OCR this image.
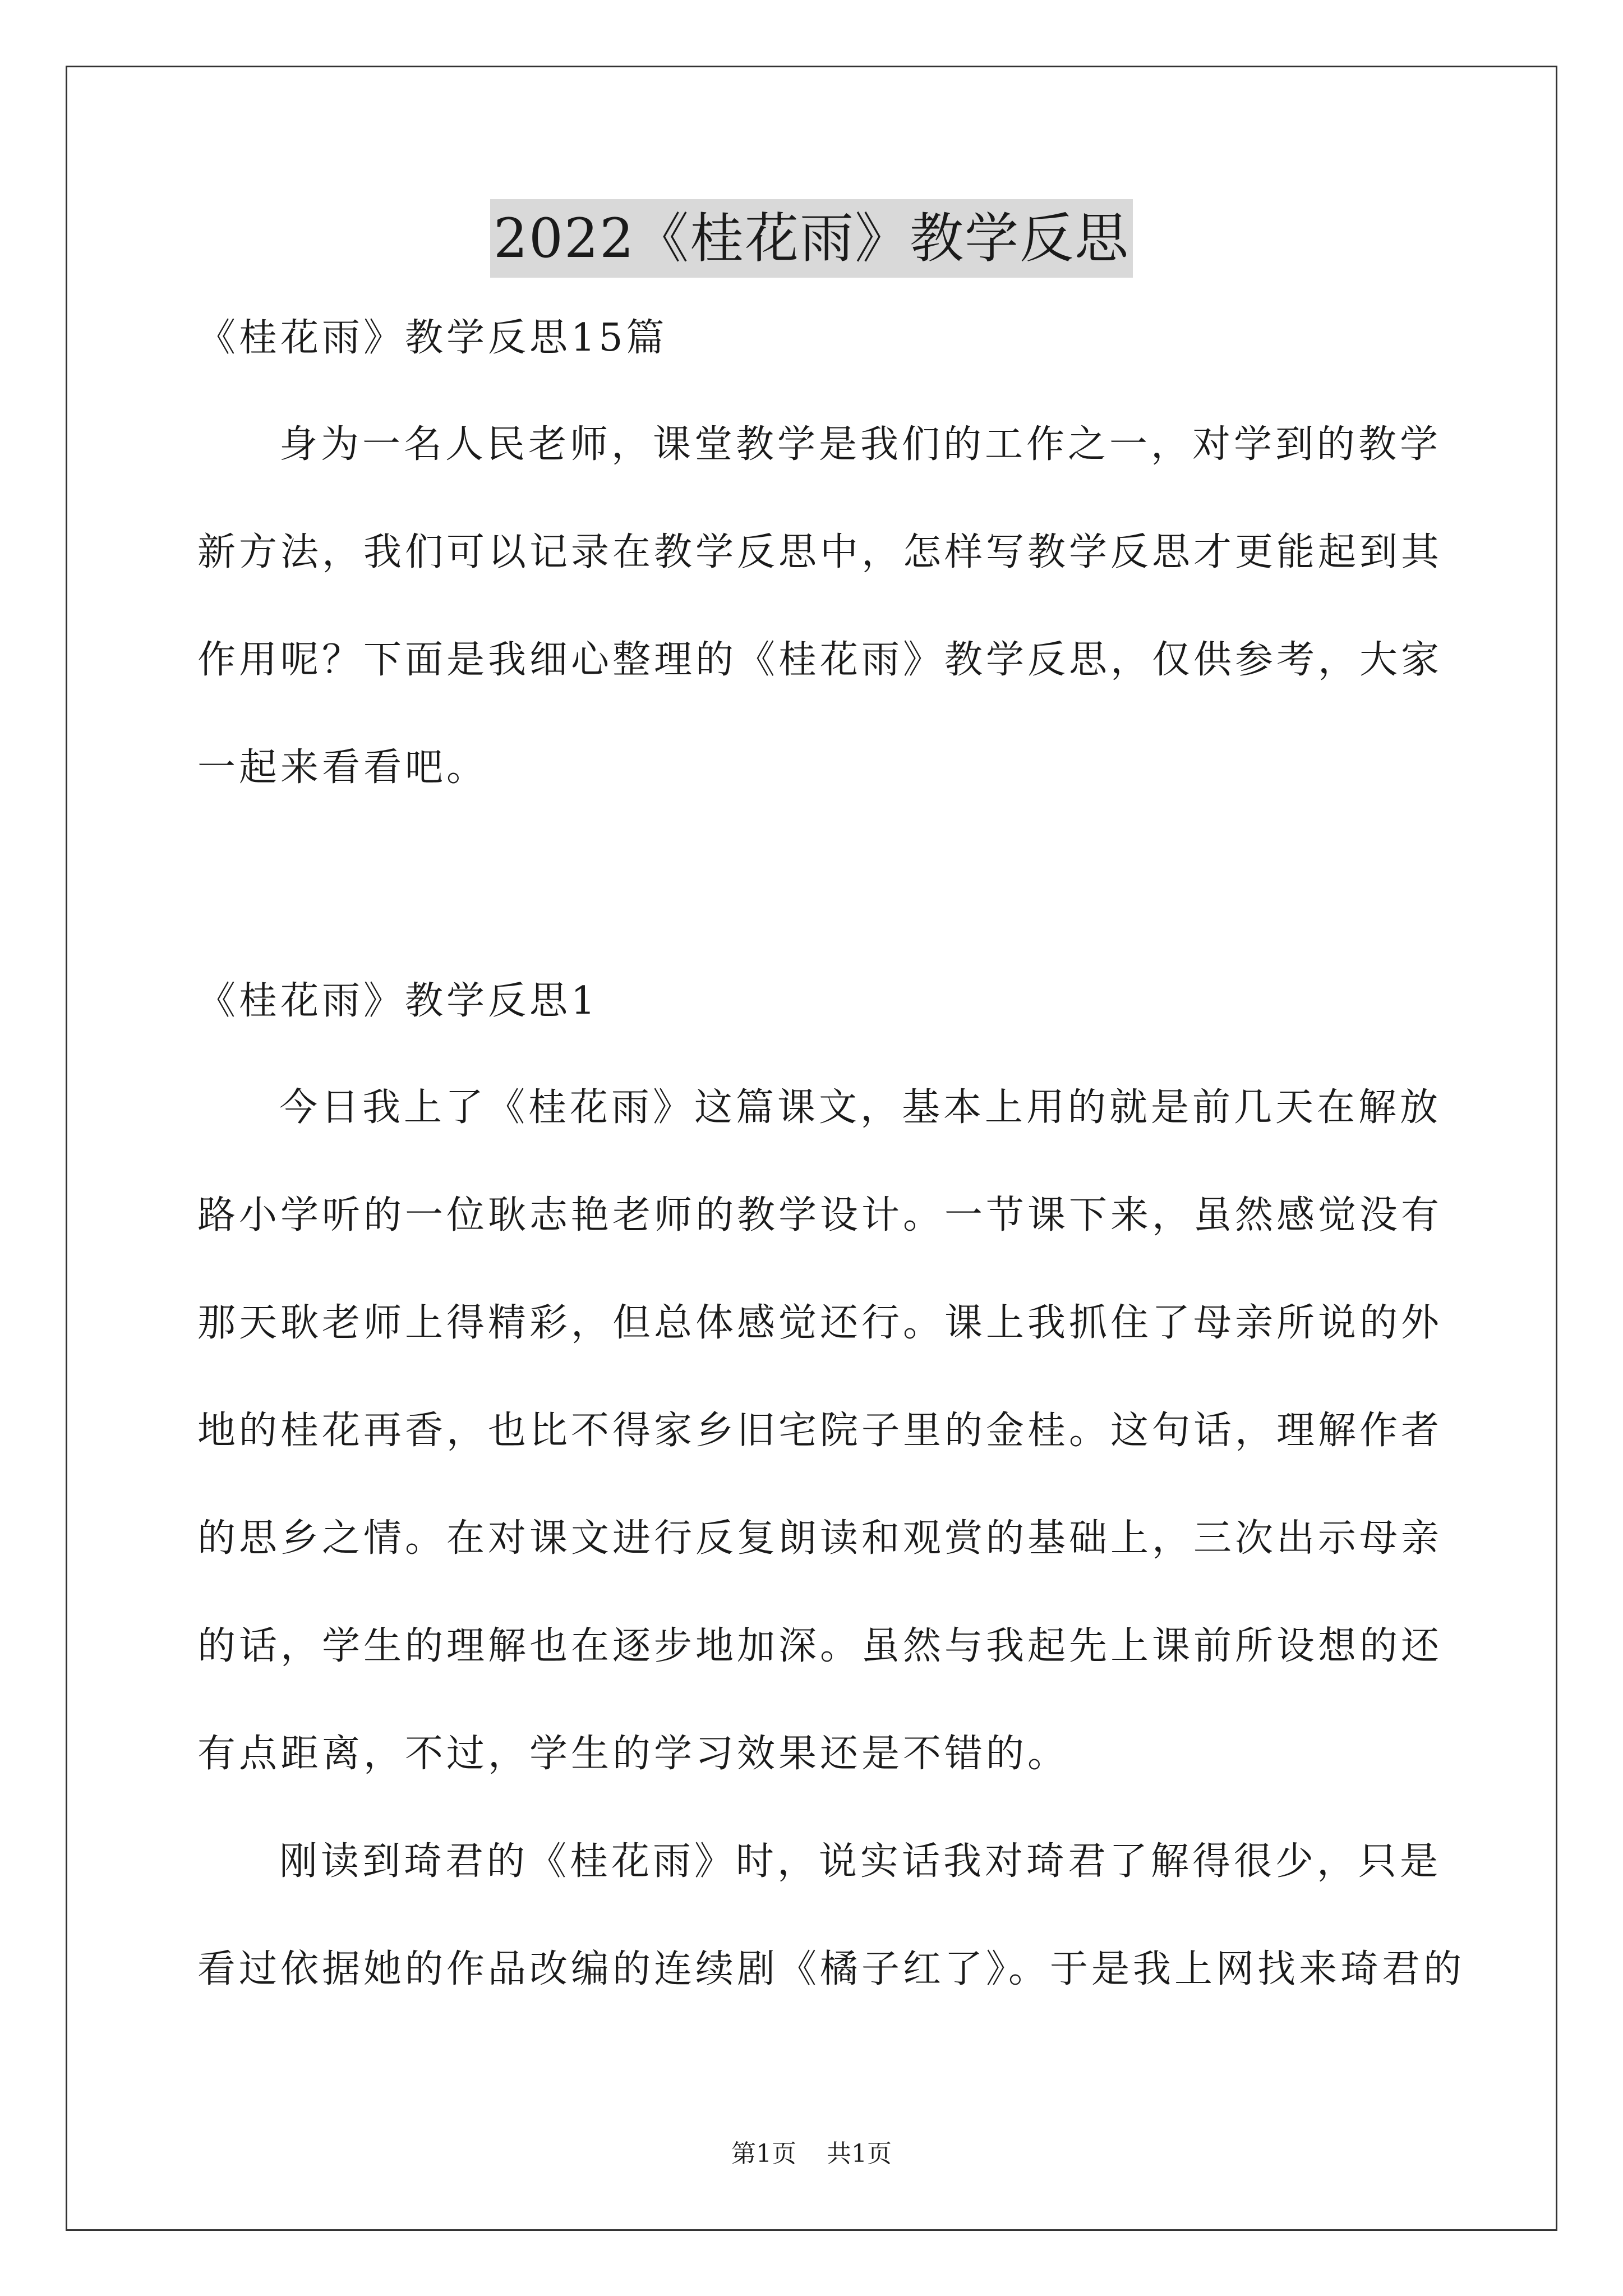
2022《桂花雨》教学反思
《桂花雨》教学反思15篇
身为一名人民老师，课堂教学是我们的工作之一，对学到的教学
新方法，我们可以记录在教学反思中，怎样写教学反思才更能起到其
作用呢？下面是我细心整理的《桂花雨》教学反思，仅供参考，大家
一起来看看吧。
《桂花雨》教学反思1
今日我上了《桂花雨》这篇课文，基本上用的就是前几天在解放
路小学听的一位耿志艳老师的教学设计。一节课下来，虽然感觉没有
那天耿老师上得精彩，但总体感觉还行。课上我抓住了母亲所说的外
地的桂花再香，也比不得家乡旧宅院子里的金桂。这句话，理解作者
的思乡之情。在对课文进行反复朗读和观赏的基础上，三次出示母亲
的话，学生的理解也在逐步地加深。虽然与我起先上课前所设想的还
有点距离，不过，学生的学习效果还是不错的。
刚读到琦君的《桂花雨》时，说实话我对琦君了解得很少，只是
看过依据她的作品改编的连续剧《橘子红了》。于是我上网找来琦君的
第1页 共1页
